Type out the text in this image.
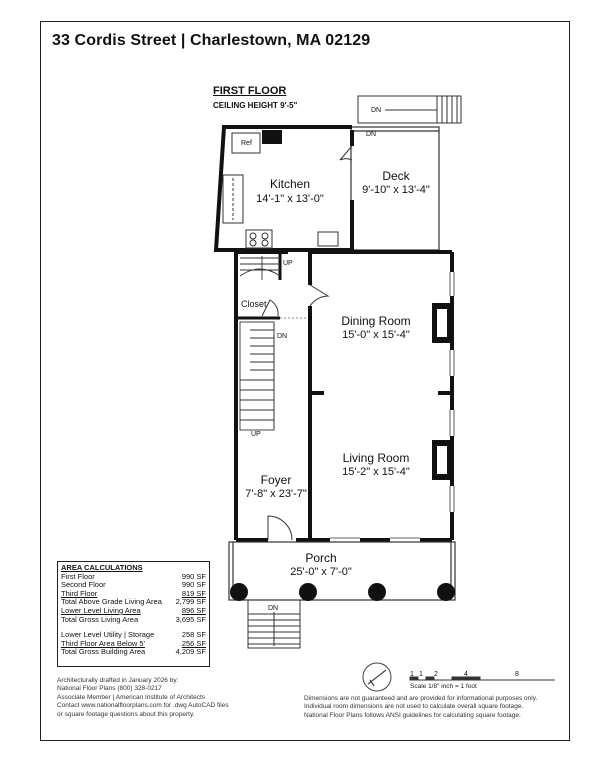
33 Cordis Street | Charlestown, MA 02129
FIRST FLOOR
CEILING HEIGHT 9'-5"
DN
DN
Deck
9'-10" x 13'-4"
Ref
Kitchen
14'-1" x 13'-0"
UP
Closet
DN
UP
Dining Room
15'-0" x 15'-4"
Living Room
15'-2" x 15'-4"
Foyer
7'-8" x 23'-7"
Porch
25'-0" x 7'-0"
DN
1 1 2	4	8
Scale 1/8" inch = 1 foot
AREA CALCULATIONS
First Floor	990 SF
Second Floor	990 SF
Third Floor	819 SF
Total Above Grade Living Area 2,799 SF
Lower Level Living Area	896 SF
Total Gross Living Area	3,695 SF
Lower Level Utility | Storage	258 SF
Third Floor Area Below 5'	256 SF
Total Gross Building Area	4,209 SF
Architecturally drafted in January 2026 by:
National Floor Plans (800) 328-0217
Associate Member | American Institute of Architects
Contact www.nationalfloorplans.com for .dwg AutoCAD files
or square footage questions about this property.
Dimensions are not guaranteed and are provided for informational purposes only.
Individual room dimensions are not used to calculate overall square footage.
National Floor Plans follows ANSI guidelines for calculating square footage.
